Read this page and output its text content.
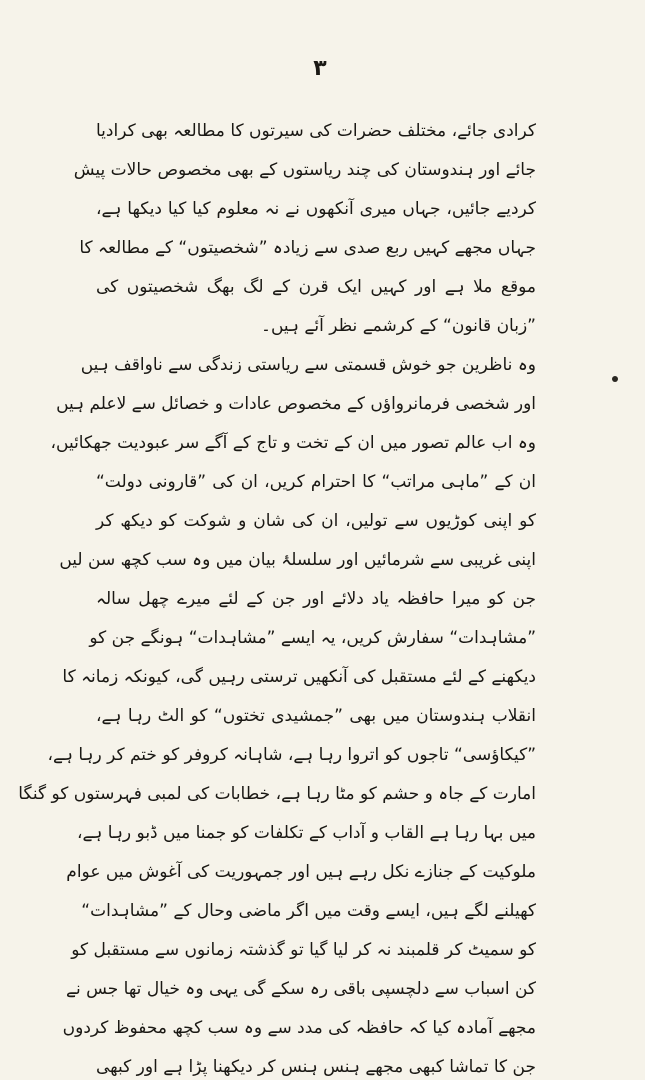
۳
کرادی جائے، مختلف حضرات کی سیرتوں کا مطالعہ بھی کرادیا
جائے اور ہندوستان کی چند ریاستوں کے بھی مخصوص حالات پیش
کردیے جائیں، جہاں میری آنکھوں نے نہ معلوم کیا کیا دیکھا ہے،
جہاں مجھے کہیں ربع صدی سے زیادہ ”شخصیتوں“ کے مطالعہ کا
موقع ملا ہے اور کہیں ایک قرن کے لگ بھگ شخصیتوں کی
”زبان قانون“ کے کرشمے نظر آئے ہیں۔
وہ ناظرین جو خوش قسمتی سے ریاستی زندگی سے ناواقف ہیں
اور شخصی فرمانرواؤں کے مخصوص عادات و خصائل سے لاعلم ہیں
وہ اب عالم تصور میں ان کے تخت و تاج کے آگے سر عبودیت جھکائیں،
ان کے ”ماہی مراتب“ کا احترام کریں، ان کی ”قارونی دولت“
کو اپنی کوڑیوں سے تولیں، ان کی شان و شوکت کو دیکھ کر
اپنی غریبی سے شرمائیں اور سلسلۂ بیان میں وہ سب کچھ سن لیں
جن کو میرا حافظہ یاد دلائے اور جن کے لئے میرے چھل سالہ
”مشاہدات“ سفارش کریں، یہ ایسے ”مشاہدات“ ہونگے جن کو
دیکھنے کے لئے مستقبل کی آنکھیں ترستی رہیں گی، کیونکہ زمانہ کا
انقلاب ہندوستان میں بھی ”جمشیدی تختوں“ کو الٹ رہا ہے،
”کیکاؤسی“ تاجوں کو اتروا رہا ہے، شاہانہ کروفر کو ختم کر رہا ہے،
امارت کے جاہ و حشم کو مٹا رہا ہے، خطابات کی لمبی فہرستوں کو گنگا
میں بہا رہا ہے القاب و آداب کے تکلفات کو جمنا میں ڈبو رہا ہے،
ملوکیت کے جنازے نکل رہے ہیں اور جمہوریت کی آغوش میں عوام
کھیلنے لگے ہیں، ایسے وقت میں اگر ماضی وحال کے ”مشاہدات“
کو سمیٹ کر قلمبند نہ کر لیا گیا تو گذشتہ زمانوں سے مستقبل کو
کن اسباب سے دلچسپی باقی رہ سکے گی یہی وہ خیال تھا جس نے
مجھے آمادہ کیا کہ حافظہ کی مدد سے وہ سب کچھ محفوظ کردوں
جن کا تماشا کبھی مجھے ہنس ہنس کر دیکھنا پڑا ہے اور کبھی
